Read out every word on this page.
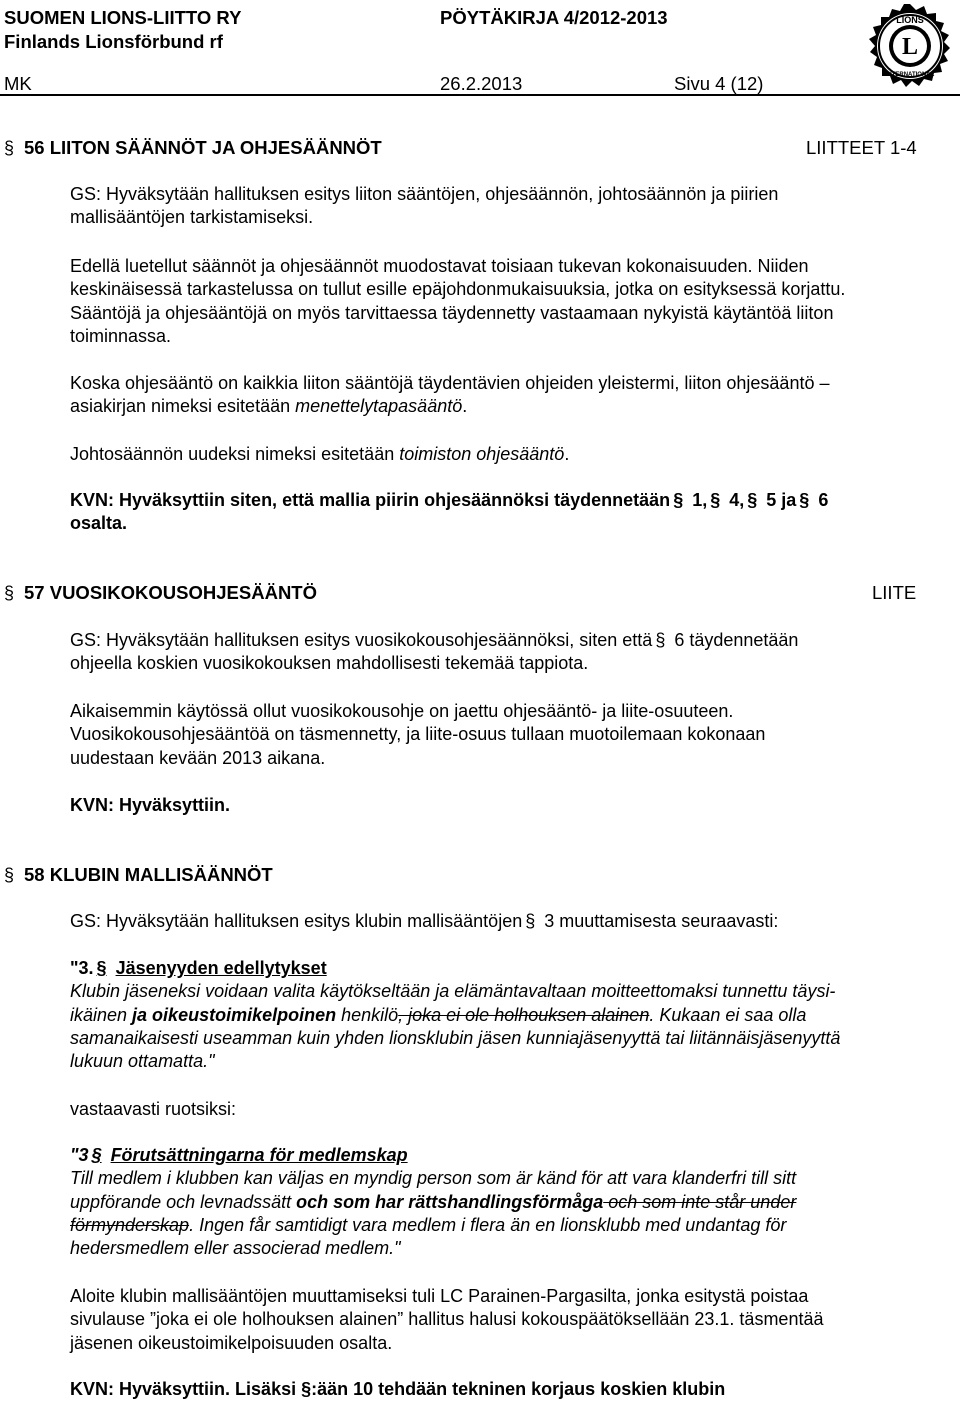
SUOMEN LIONS-LIITTO RY
Finlands Lionsförbund rf
PÖYTÄKIRJA 4/2012-2013
MK	26.2.2013	Sivu 4 (12)
L
LIONS
INTERNATIONAL
§ 56 LIITON SÄÄNNÖT JA OHJESÄÄNNÖT	LIITTEET 1-4
GS: Hyväksytään hallituksen esitys liiton sääntöjen, ohjesäännön, johtosäännön ja piirien
mallisääntöjen tarkistamiseksi.
Edellä luetellut säännöt ja ohjesäännöt muodostavat toisiaan tukevan kokonaisuuden. Niiden
keskinäisessä tarkastelussa on tullut esille epäjohdonmukaisuuksia, jotka on esityksessä korjattu.
Sääntöjä ja ohjesääntöjä on myös tarvittaessa täydennetty vastaamaan nykyistä käytäntöä liiton
toiminnassa.
Koska ohjesääntö on kaikkia liiton sääntöjä täydentävien ohjeiden yleistermi, liiton ohjesääntö –
asiakirjan nimeksi esitetään menettelytapasääntö.
Johtosäännön uudeksi nimeksi esitetään toimiston ohjesääntö.
KVN: Hyväksyttiin siten, että mallia piirin ohjesäännöksi täydennetään § 1, § 4, § 5 ja § 6
osalta.
§ 57 VUOSIKOKOUSOHJESÄÄNTÖ	LIITE
GS: Hyväksytään hallituksen esitys vuosikokousohjesäännöksi, siten että § 6 täydennetään
ohjeella koskien vuosikokouksen mahdollisesti tekemää tappiota.
Aikaisemmin käytössä ollut vuosikokousohje on jaettu ohjesääntö- ja liite-osuuteen.
Vuosikokousohjesääntöä on täsmennetty, ja liite-osuus tullaan muotoilemaan kokonaan
uudestaan kevään 2013 aikana.
KVN: Hyväksyttiin.
§ 58 KLUBIN MALLISÄÄNNÖT
GS: Hyväksytään hallituksen esitys klubin mallisääntöjen § 3 muuttamisesta seuraavasti:
"3. § Jäsenyyden edellytykset
Klubin jäseneksi voidaan valita käytökseltään ja elämäntavaltaan moitteettomaksi tunnettu täysi-
ikäinen ja oikeustoimikelpoinen henkilö, joka ei ole holhouksen alainen. Kukaan ei saa olla
samanaikaisesti useamman kuin yhden lionsklubin jäsen kunniajäsenyyttä tai liitännäisjäsenyyttä
lukuun ottamatta."
vastaavasti ruotsiksi:
"3 § Förutsättningarna för medlemskap
Till medlem i klubben kan väljas en myndig person som är känd för att vara klanderfri till sitt
uppförande och levnadssätt och som har rättshandlingsförmåga och som inte står under
förmynderskap. Ingen får samtidigt vara medlem i flera än en lionsklubb med undantag för
hedersmedlem eller associerad medlem."
Aloite klubin mallisääntöjen muuttamiseksi tuli LC Parainen-Pargasilta, jonka esitystä poistaa
sivulause ”joka ei ole holhouksen alainen” hallitus halusi kokouspäätöksellään 23.1. täsmentää
jäsenen oikeustoimikelpoisuuden osalta.
KVN: Hyväksyttiin. Lisäksi §:ään 10 tehdään tekninen korjaus koskien klubin
